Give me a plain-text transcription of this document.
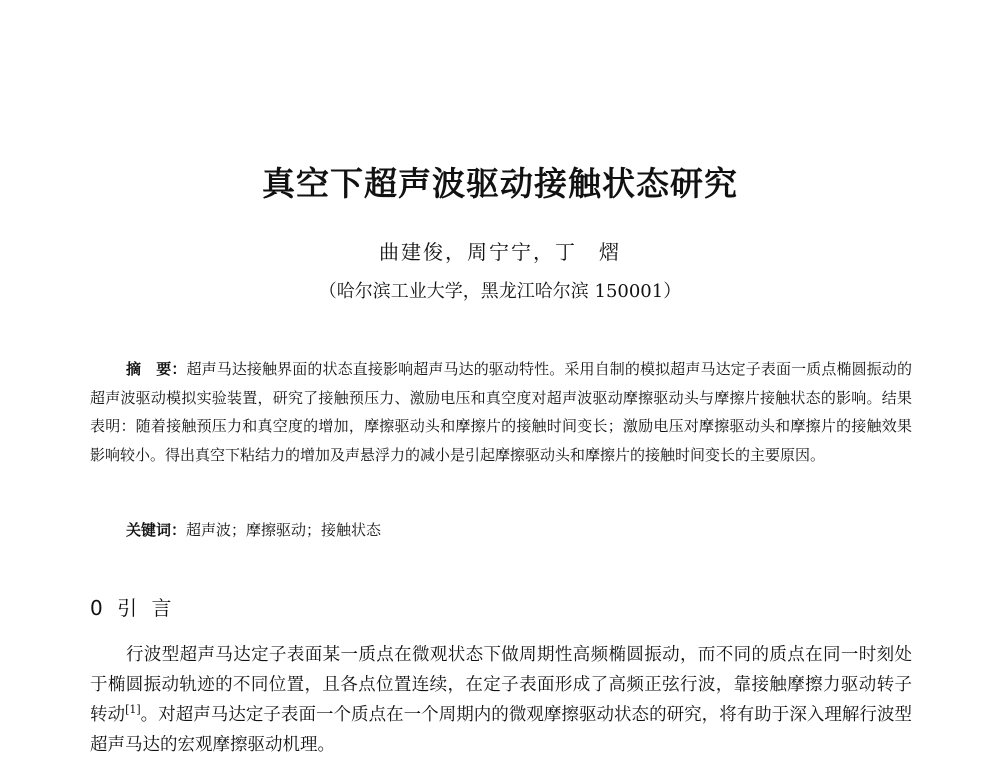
真空下超声波驱动接触状态研究
曲建俊，周宁宁，丁　熠
（哈尔滨工业大学，黑龙江哈尔滨 150001）
摘　要：超声马达接触界面的状态直接影响超声马达的驱动特性。采用自制的模拟超声马达定子表面一质点椭圆振动的超声波驱动模拟实验装置，研究了接触预压力、激励电压和真空度对超声波驱动摩擦驱动头与摩擦片接触状态的影响。结果表明：随着接触预压力和真空度的增加，摩擦驱动头和摩擦片的接触时间变长；激励电压对摩擦驱动头和摩擦片的接触效果影响较小。得出真空下粘结力的增加及声悬浮力的减小是引起摩擦驱动头和摩擦片的接触时间变长的主要原因。
关键词：超声波；摩擦驱动；接触状态
0 引 言
行波型超声马达定子表面某一质点在微观状态下做周期性高频椭圆振动，而不同的质点在同一时刻处于椭圆振动轨迹的不同位置，且各点位置连续，在定子表面形成了高频正弦行波，靠接触摩擦力驱动转子转动[1]。对超声马达定子表面一个质点在一个周期内的微观摩擦驱动状态的研究，将有助于深入理解行波型超声马达的宏观摩擦驱动机理。
